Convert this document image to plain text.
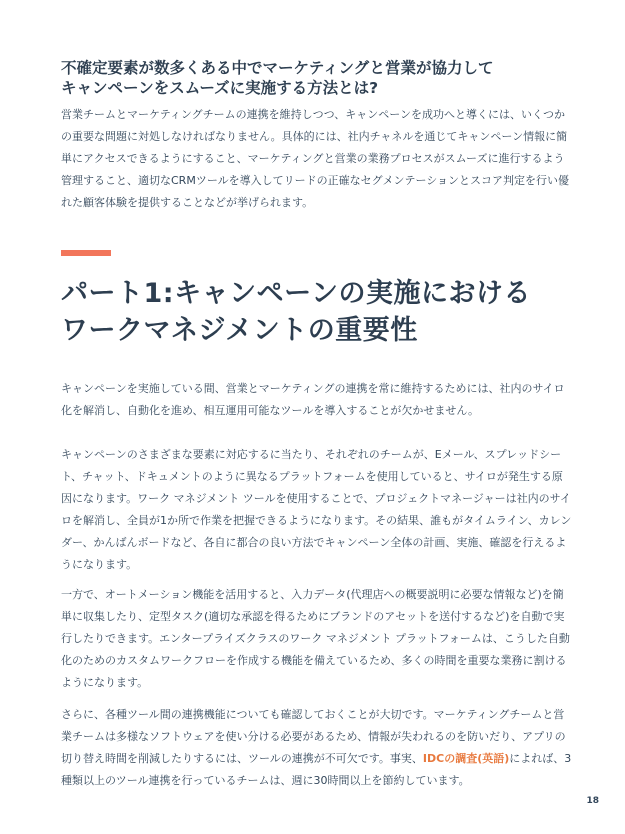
不確定要素が数多くある中でマーケティングと営業が協力して
キャンペーンをスムーズに実施する方法とは?

営業チームとマーケティングチームの連携を維持しつつ、キャンペーンを成功へと導くには、いくつかの重要な問題に対処しなければなりません。具体的には、社内チャネルを通じてキャンペーン情報に簡単にアクセスできるようにすること、マーケティングと営業の業務プロセスがスムーズに進行するよう管理すること、適切なCRMツールを導入してリードの正確なセグメンテーションとスコア判定を行い優れた顧客体験を提供することなどが挙げられます。

パート1:キャンペーンの実施における
ワークマネジメントの重要性

キャンペーンを実施している間、営業とマーケティングの連携を常に維持するためには、社内のサイロ化を解消し、自動化を進め、相互運用可能なツールを導入することが欠かせません。

キャンペーンのさまざまな要素に対応するに当たり、それぞれのチームが、Eメール、スプレッドシート、チャット、ドキュメントのように異なるプラットフォームを使用していると、サイロが発生する原因になります。ワーク マネジメント ツールを使用することで、プロジェクトマネージャーは社内のサイロを解消し、全員が1か所で作業を把握できるようになります。その結果、誰もがタイムライン、カレンダー、かんばんボードなど、各自に都合の良い方法でキャンペーン全体の計画、実施、確認を行えるようになります。

一方で、オートメーション機能を活用すると、入力データ(代理店への概要説明に必要な情報など)を簡単に収集したり、定型タスク(適切な承認を得るためにブランドのアセットを送付するなど)を自動で実行したりできます。エンタープライズクラスのワーク マネジメント プラットフォームは、こうした自動化のためのカスタムワークフローを作成する機能を備えているため、多くの時間を重要な業務に割けるようになります。

さらに、各種ツール間の連携機能についても確認しておくことが大切です。マーケティングチームと営業チームは多様なソフトウェアを使い分ける必要があるため、情報が失われるのを防いだり、アプリの切り替え時間を削減したりするには、ツールの連携が不可欠です。事実、IDCの調査(英語)によれば、3種類以上のツール連携を行っているチームは、週に30時間以上を節約しています。

18
